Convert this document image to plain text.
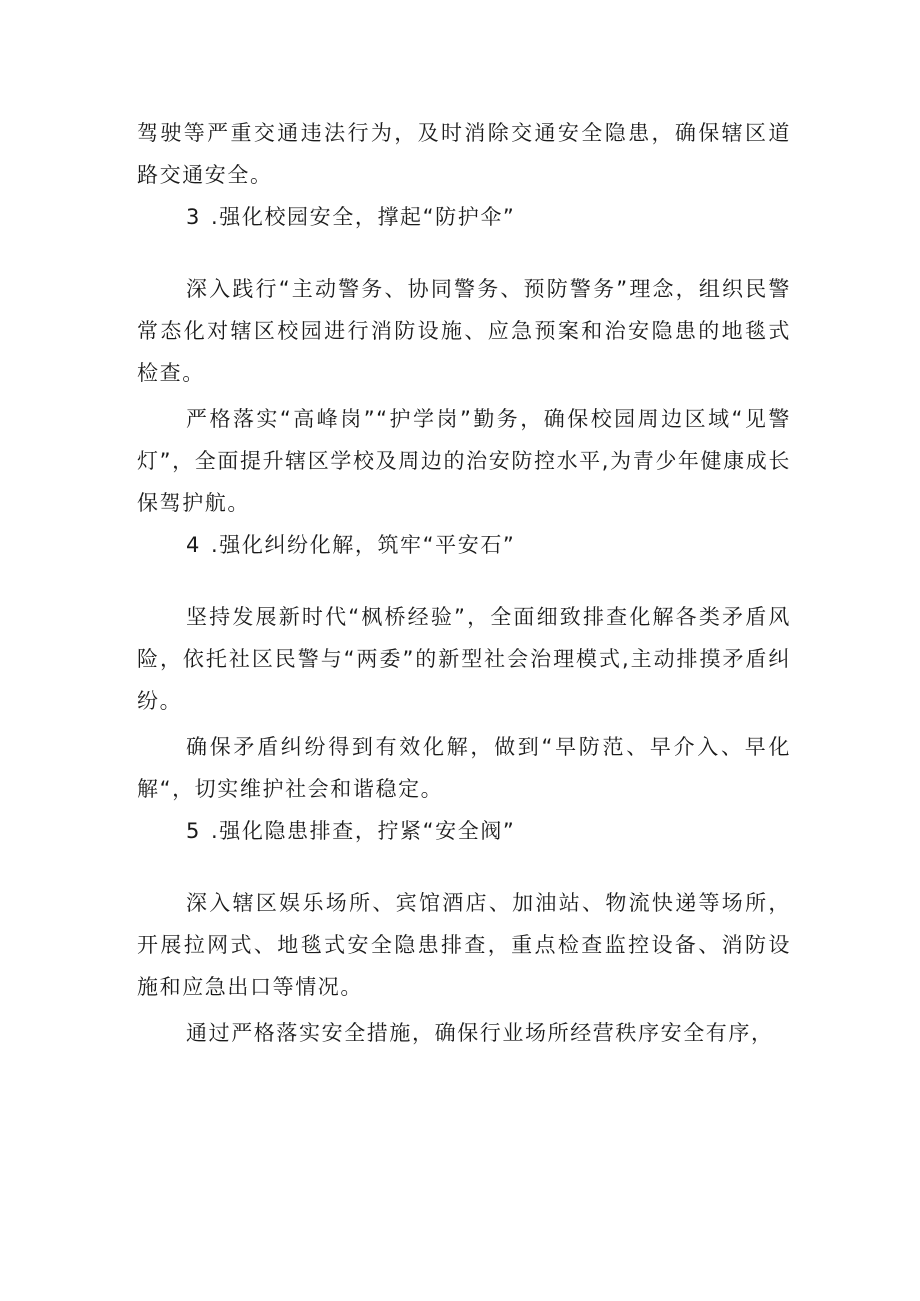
驾驶等严重交通违法行为，及时消除交通安全隐患，确保辖区道路交通安全。

3 .强化校园安全，撑起“防护伞”

深入践行“主动警务、协同警务、预防警务”理念，组织民警常态化对辖区校园进行消防设施、应急预案和治安隐患的地毯式检查。

严格落实“高峰岗”“护学岗”勤务，确保校园周边区域“见警灯”，全面提升辖区学校及周边的治安防控水平,为青少年健康成长保驾护航。

4 .强化纠纷化解，筑牢“平安石”

坚持发展新时代“枫桥经验”，全面细致排查化解各类矛盾风险，依托社区民警与“两委”的新型社会治理模式,主动排摸矛盾纠纷。

确保矛盾纠纷得到有效化解，做到“早防范、早介入、早化解“，切实维护社会和谐稳定。

5 .强化隐患排查，拧紧“安全阀”

深入辖区娱乐场所、宾馆酒店、加油站、物流快递等场所，开展拉网式、地毯式安全隐患排查，重点检查监控设备、消防设施和应急出口等情况。

通过严格落实安全措施，确保行业场所经营秩序安全有序，
